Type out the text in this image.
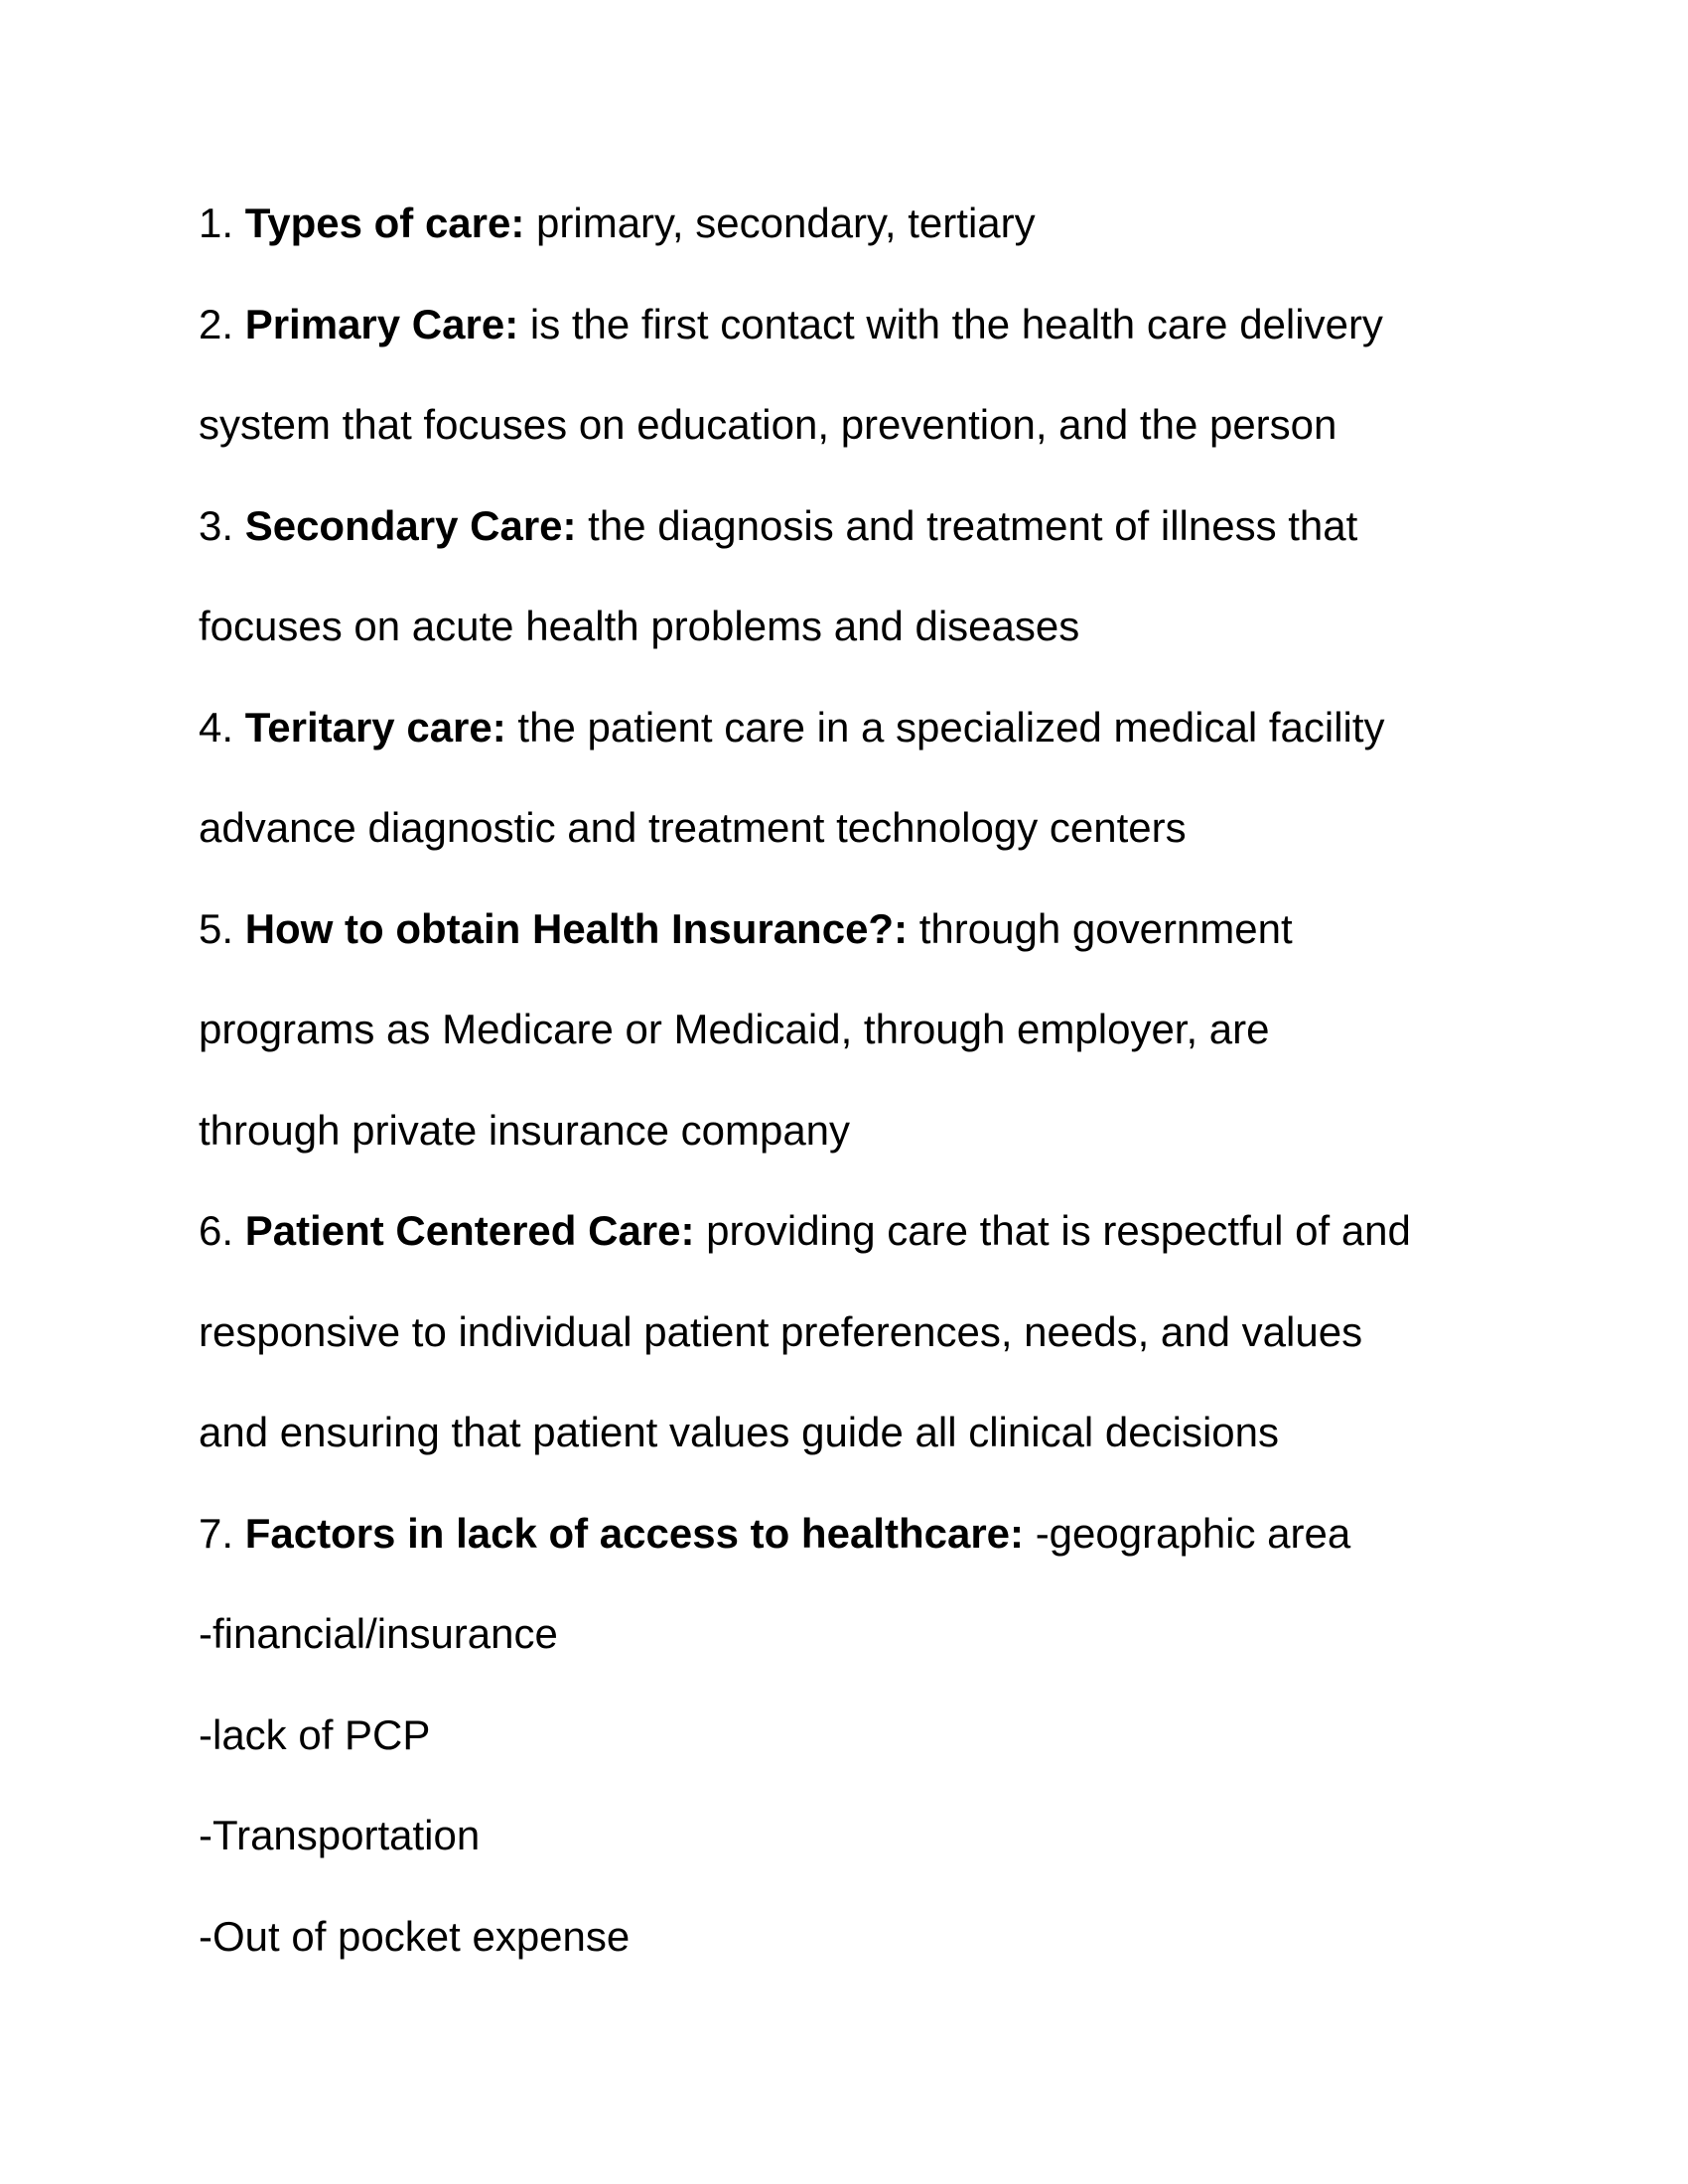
1. Types of care: primary, secondary, tertiary
2. Primary Care: is the first contact with the health care delivery
system that focuses on education, prevention, and the person
3. Secondary Care: the diagnosis and treatment of illness that
focuses on acute health problems and diseases
4. Teritary care: the patient care in a specialized medical facility
advance diagnostic and treatment technology centers
5. How to obtain Health Insurance?: through government
programs as Medicare or Medicaid, through employer, are
through private insurance company
6. Patient Centered Care: providing care that is respectful of and
responsive to individual patient preferences, needs, and values
and ensuring that patient values guide all clinical decisions
7. Factors in lack of access to healthcare: -geographic area
-financial/insurance
-lack of PCP
-Transportation
-Out of pocket expense
